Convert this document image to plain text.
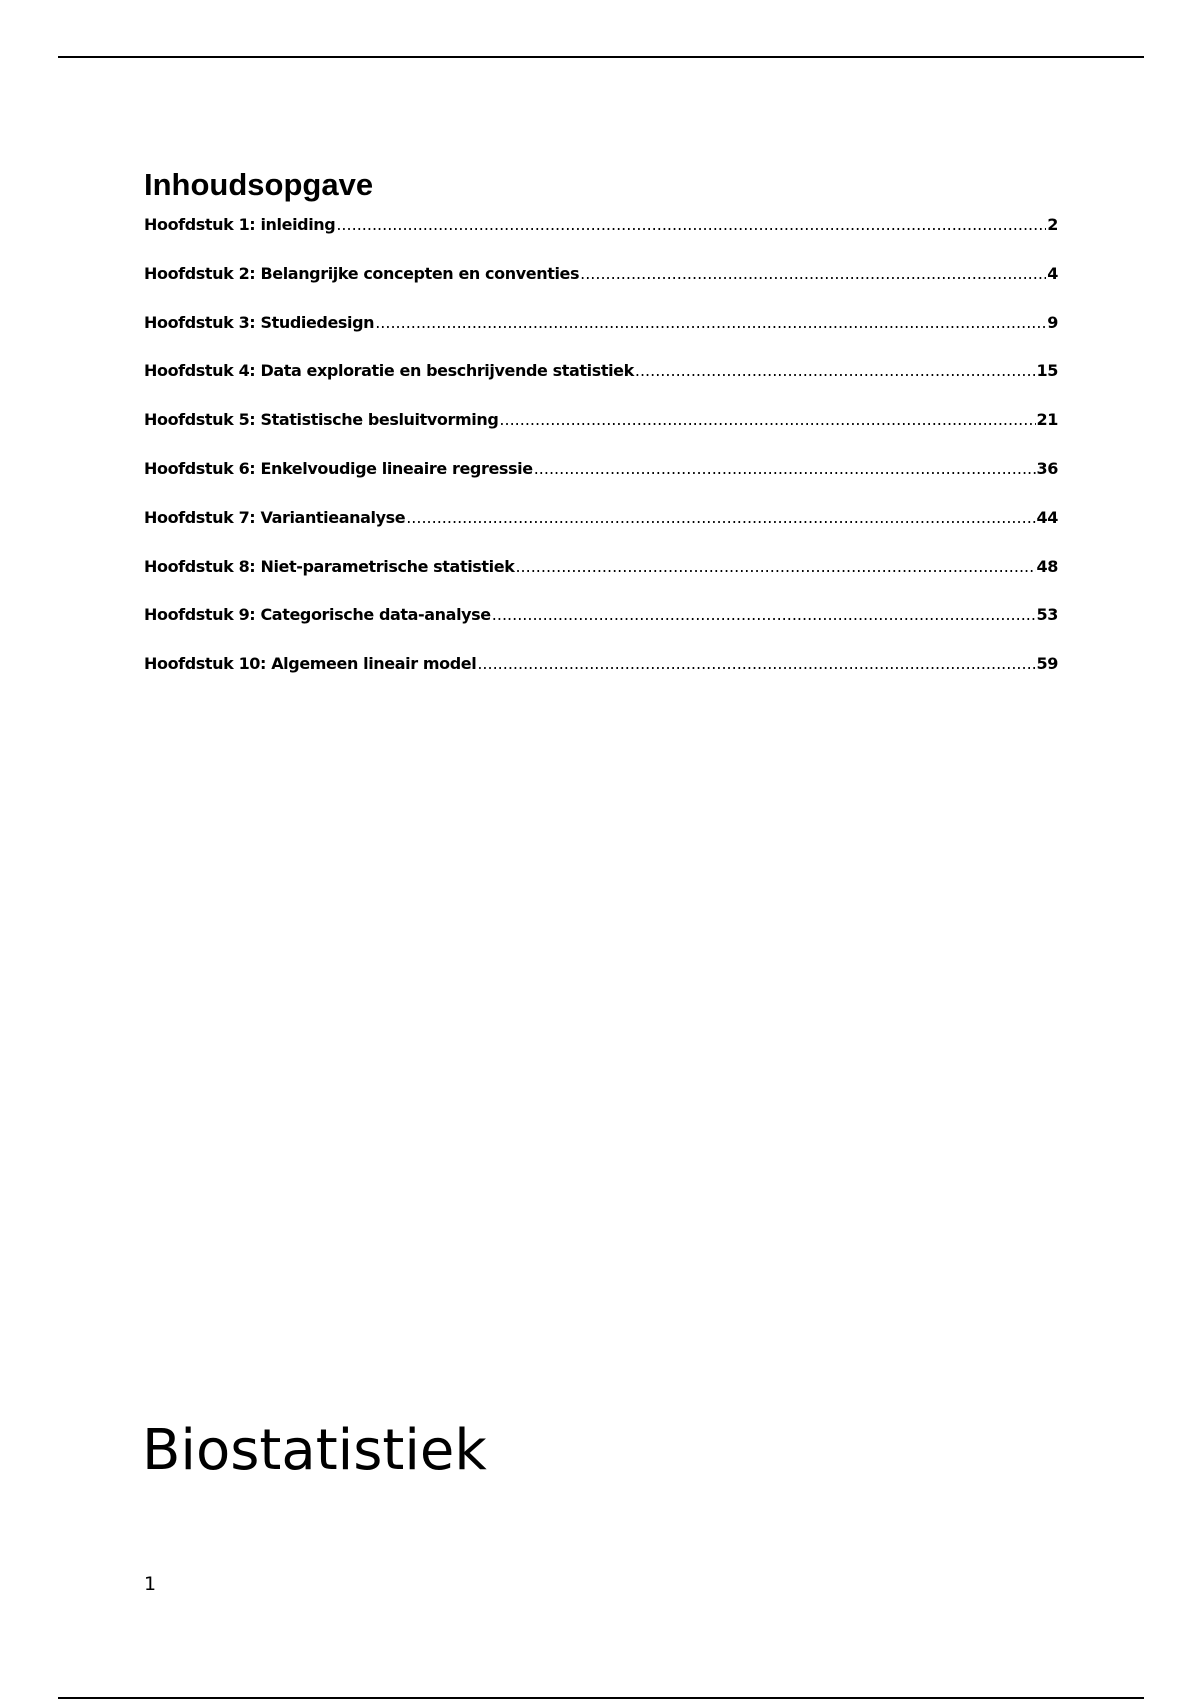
Inhoudsopgave
Hoofdstuk 1: inleiding .....	2
Hoofdstuk 2: Belangrijke concepten en conventies .....	4
Hoofdstuk 3: Studiedesign .....	9
Hoofdstuk 4: Data exploratie en beschrijvende statistiek .....	15
Hoofdstuk 5: Statistische besluitvorming .....	21
Hoofdstuk 6: Enkelvoudige lineaire regressie .....	36
Hoofdstuk 7: Variantieanalyse .....	44
Hoofdstuk 8: Niet-parametrische statistiek .....	48
Hoofdstuk 9: Categorische data-analyse .....	53
Hoofdstuk 10: Algemeen lineair model .....	59
Biostatistiek
1
